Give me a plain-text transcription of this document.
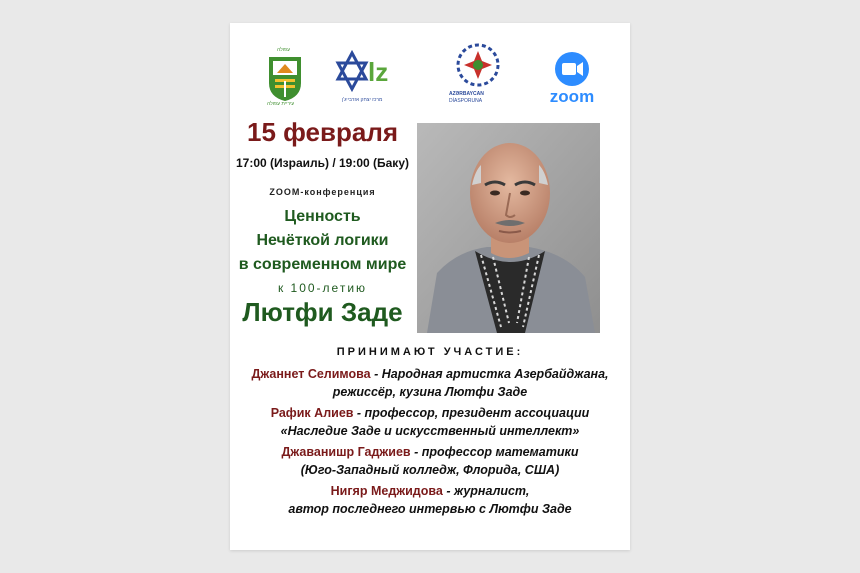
עפולה
עיריית עפולה
lz
מרכז יצחק אזרבייג'ן
AZƏRBAYCAN
DİASPORUNA	zoom
15 февраля
17:00 (Израиль) / 19:00 (Баку)
ZOOM-конференция
Ценность
Нечёткой логики
в современном мире
к 100-летию
Лютфи Заде
ПРИНИМАЮТ УЧАСТИЕ:
Джаннет Селимова - Народная артистка Азербайджана,
режиссёр, кузина Лютфи Заде
Рафик Алиев - профессор, президент ассоциации
«Наследие Заде и искусственный интеллект»
Джаванишр Гаджиев - профессор математики
(Юго-Западный колледж, Флорида, США)
Нигяр Меджидова - журналист,
автор последнего интервью с Лютфи Заде
